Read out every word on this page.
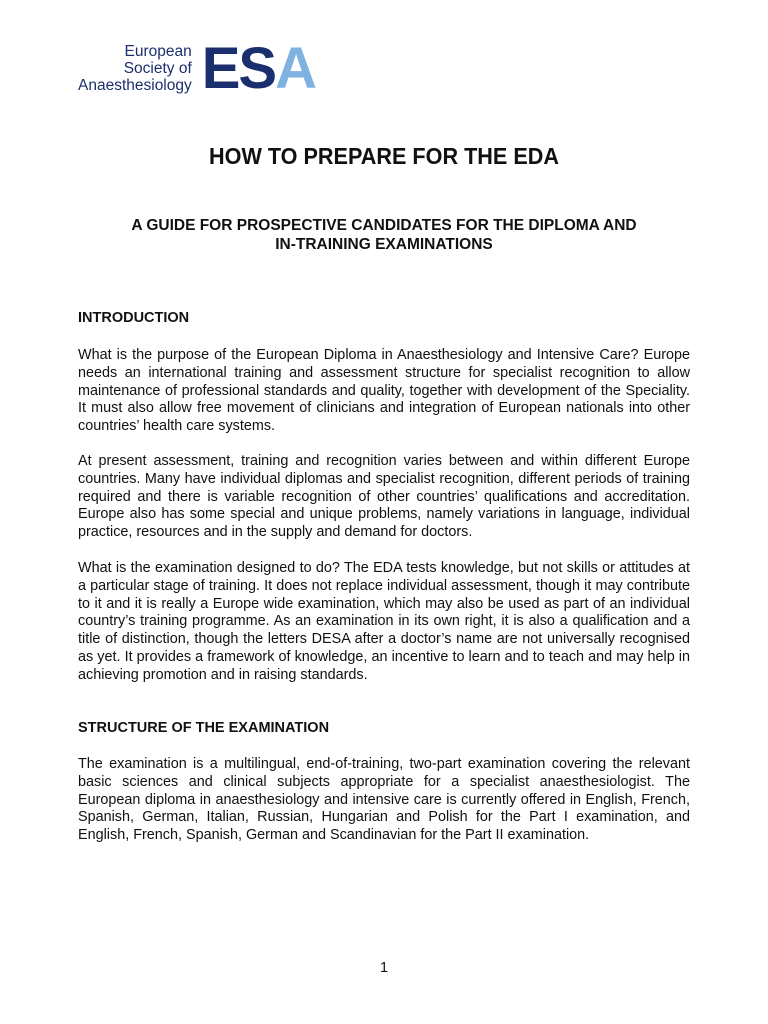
European
Society of
Anaesthesiology ESA
HOW TO PREPARE FOR THE EDA
A GUIDE FOR PROSPECTIVE CANDIDATES FOR THE DIPLOMA AND
IN-TRAINING EXAMINATIONS
INTRODUCTION
What is the purpose of the European Diploma in Anaesthesiology and Intensive Care? Europe needs an international training and assessment structure for specialist recognition to allow maintenance of professional standards and quality, together with development of the Speciality. It must also allow free movement of clinicians and integration of European nationals into other countries’ health care systems.
At present assessment, training and recognition varies between and within different Europe countries. Many have individual diplomas and specialist recognition, different periods of training required and there is variable recognition of other countries’ qualifications and accreditation. Europe also has some special and unique problems, namely variations in language, individual practice, resources and in the supply and demand for doctors.
What is the examination designed to do? The EDA tests knowledge, but not skills or attitudes at a particular stage of training. It does not replace individual assessment, though it may contribute to it and it is really a Europe wide examination, which may also be used as part of an individual country’s training programme. As an examination in its own right, it is also a qualification and a title of distinction, though the letters DESA after a doctor’s name are not universally recognised as yet. It provides a framework of knowledge, an incentive to learn and to teach and may help in achieving promotion and in raising standards.
STRUCTURE OF THE EXAMINATION
The examination is a multilingual, end-of-training, two-part examination covering the relevant basic sciences and clinical subjects appropriate for a specialist anaesthesiologist. The European diploma in anaesthesiology and intensive care is currently offered in English, French, Spanish, German, Italian, Russian, Hungarian and Polish for the Part I examination, and English, French, Spanish, German and Scandinavian for the Part II examination.
1
